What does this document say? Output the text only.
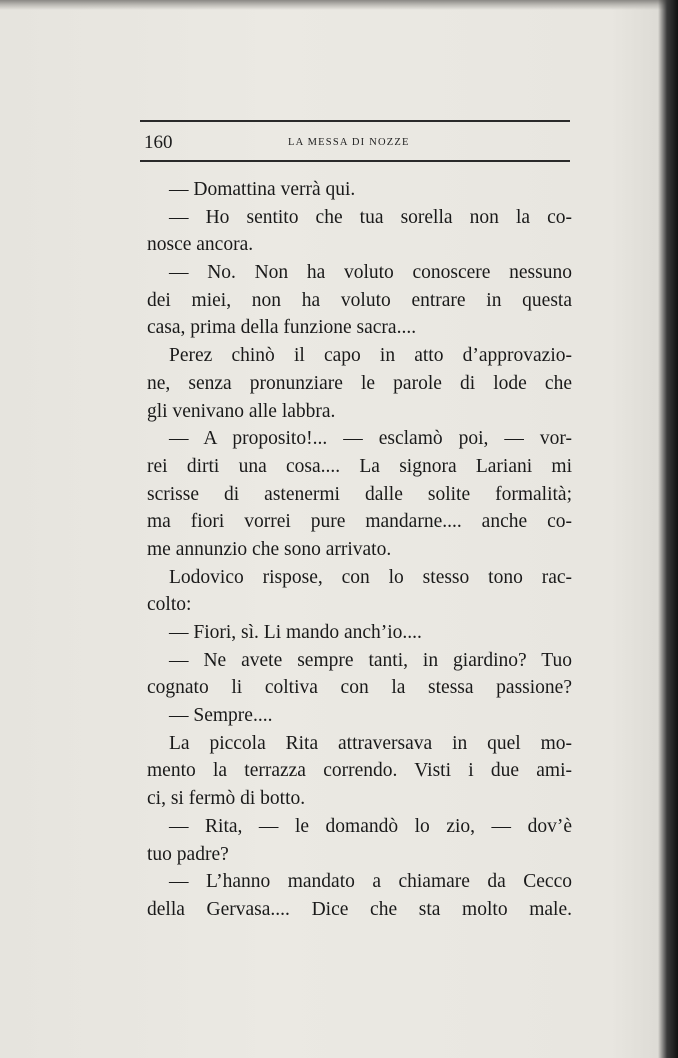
160	LA MESSA DI NOZZE
— Domattina verrà qui.
— Ho sentito che tua sorella non la co-
nosce ancora.
— No. Non ha voluto conoscere nessuno
dei miei, non ha voluto entrare in questa
casa, prima della funzione sacra....
Perez chinò il capo in atto d’approvazio-
ne, senza pronunziare le parole di lode che
gli venivano alle labbra.
— A proposito!... — esclamò poi, — vor-
rei dirti una cosa.... La signora Lariani mi
scrisse di astenermi dalle solite formalità;
ma fiori vorrei pure mandarne.... anche co-
me annunzio che sono arrivato.
Lodovico rispose, con lo stesso tono rac-
colto:
— Fiori, sì. Li mando anch’io....
— Ne avete sempre tanti, in giardino? Tuo
cognato li coltiva con la stessa passione?
— Sempre....
La piccola Rita attraversava in quel mo-
mento la terrazza correndo. Visti i due ami-
ci, si fermò di botto.
— Rita, — le domandò lo zio, — dov’è
tuo padre?
— L’hanno mandato a chiamare da Cecco
della Gervasa.... Dice che sta molto male.
